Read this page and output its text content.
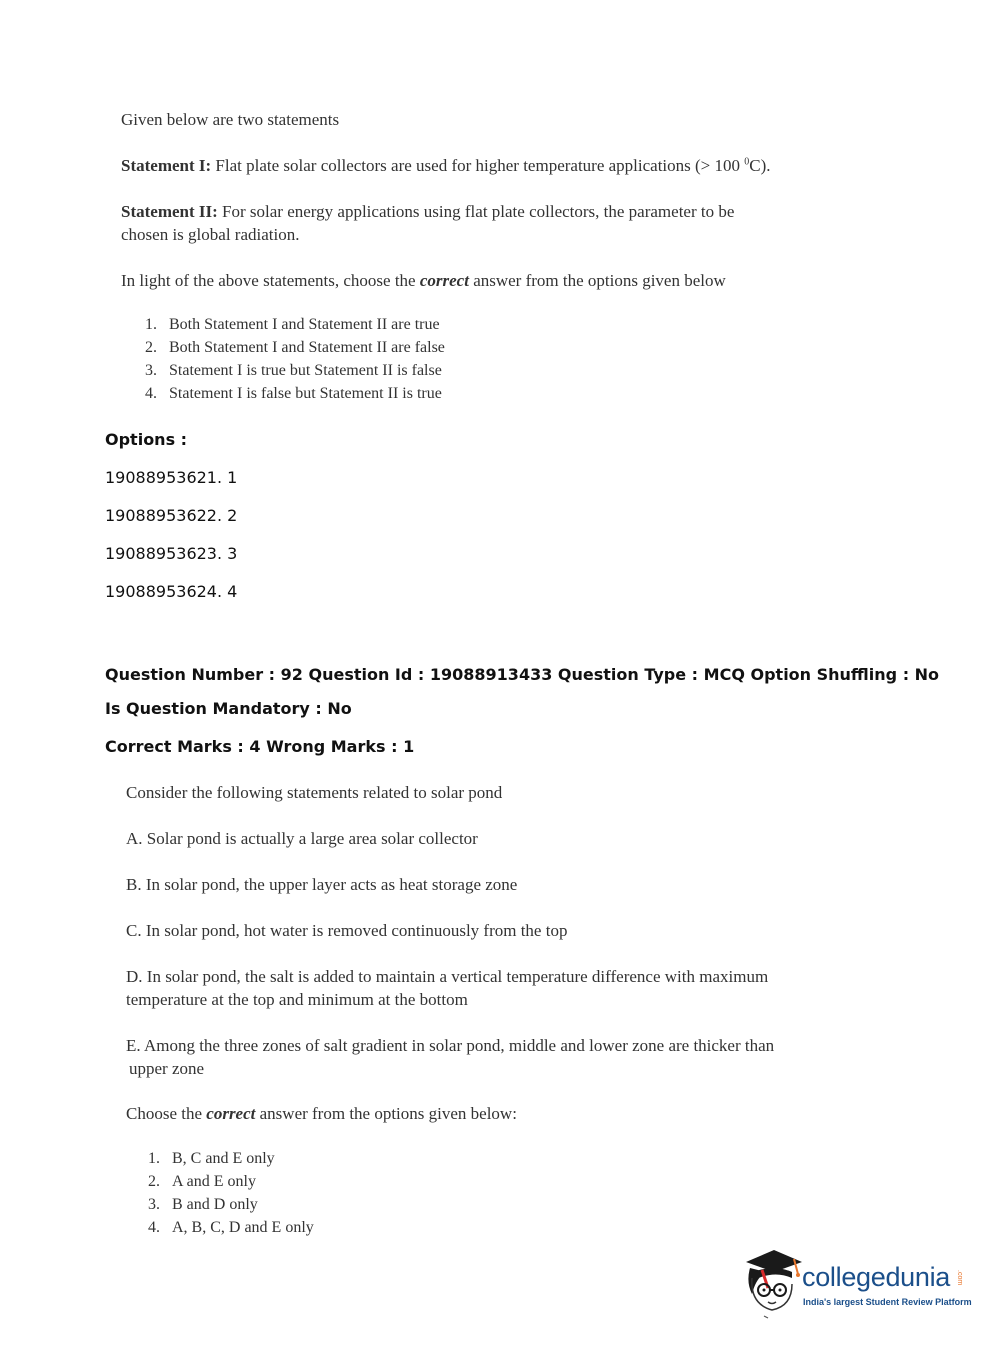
Given below are two statements
Statement I: Flat plate solar collectors are used for higher temperature applications (> 100 $^0$C).
Statement II: For solar energy applications using flat plate collectors, the parameter to be
chosen is global radiation.
In light of the above statements, choose the correct answer from the options given below
1. Both Statement I and Statement II are true
2. Both Statement I and Statement II are false
3. Statement I is true but Statement II is false
4. Statement I is false but Statement II is true
Options :
19088953621. 1
19088953622. 2
19088953623. 3
19088953624. 4
Question Number : 92 Question Id : 19088913433 Question Type : MCQ Option Shuffling : No
Is Question Mandatory : No
Correct Marks : 4 Wrong Marks : 1
Consider the following statements related to solar pond
A. Solar pond is actually a large area solar collector
B. In solar pond, the upper layer acts as heat storage zone
C. In solar pond, hot water is removed continuously from the top
D. In solar pond, the salt is added to maintain a vertical temperature difference with maximum
temperature at the top and minimum at the bottom
E. Among the three zones of salt gradient in solar pond, middle and lower zone are thicker than
upper zone
Choose the correct answer from the options given below:
1. B, C and E only
2. A and E only
3. B and D only
4. A, B, C, D and E only
collegedunia .com
India's largest Student Review Platform
